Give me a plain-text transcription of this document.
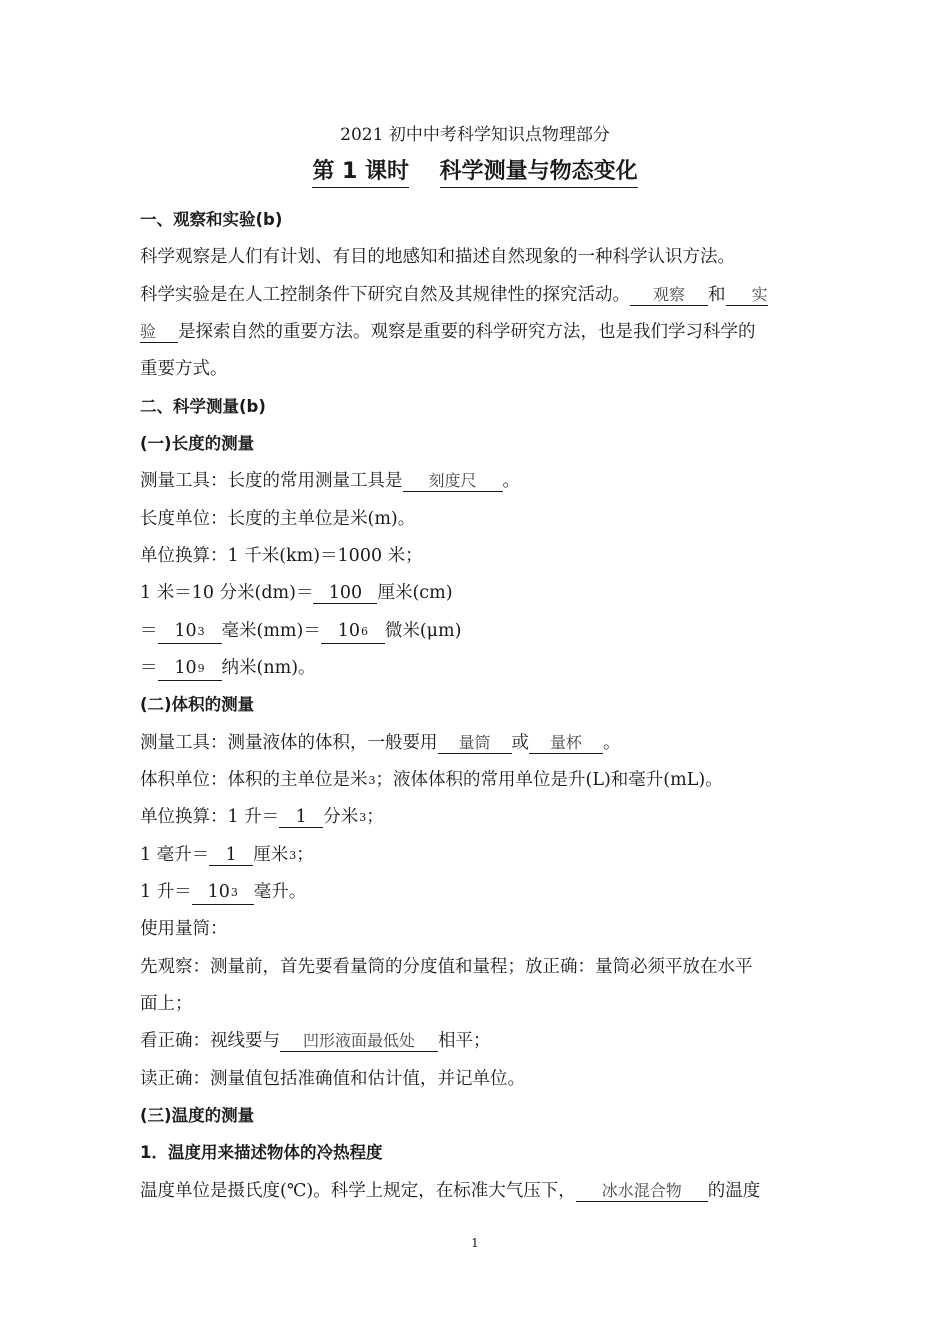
2021 初中中考科学知识点物理部分
第 1 课时 科学测量与物态变化
一、观察和实验(b)
科学观察是人们有计划、有目的地感知和描述自然现象的一种科学认识方法。
科学实验是在人工控制条件下研究自然及其规律性的探究活动。 观察 和 实
验 是探索自然的重要方法。观察是重要的科学研究方法，也是我们学习科学的
重要方式。
二、科学测量(b)
(一)长度的测量
测量工具：长度的常用测量工具是 刻度尺 。
长度单位：长度的主单位是米(m)。
单位换算：1 千米(km)＝1000 米；
1 米＝10 分米(dm)＝ 100 厘米(cm)
＝ $10^3$ 毫米$(mm)= 10^6$ 微米(μm)
＝ $10^9$ 纳米(nm)。
(二)体积的测量
测量工具：测量液体的体积，一般要用 量筒 或 量杯 。
体积单位：体积的主单位是米$^3$；液体体积的常用单位是升(L)和毫升(mL)。
单位换算：1 升＝ 1 分米$^3$；
1 毫升＝ 1 厘米$^3$；
1 升＝ $10^3$ 毫升。
使用量筒：
先观察：测量前，首先要看量筒的分度值和量程；放正确：量筒必须平放在水平
面上；
看正确：视线要与 凹形液面最低处 相平；
读正确：测量值包括准确值和估计值，并记单位。
(三)温度的测量
1．温度用来描述物体的冷热程度
温度单位是摄氏度(℃)。科学上规定，在标准大气压下， 冰水混合物 的温度
1
